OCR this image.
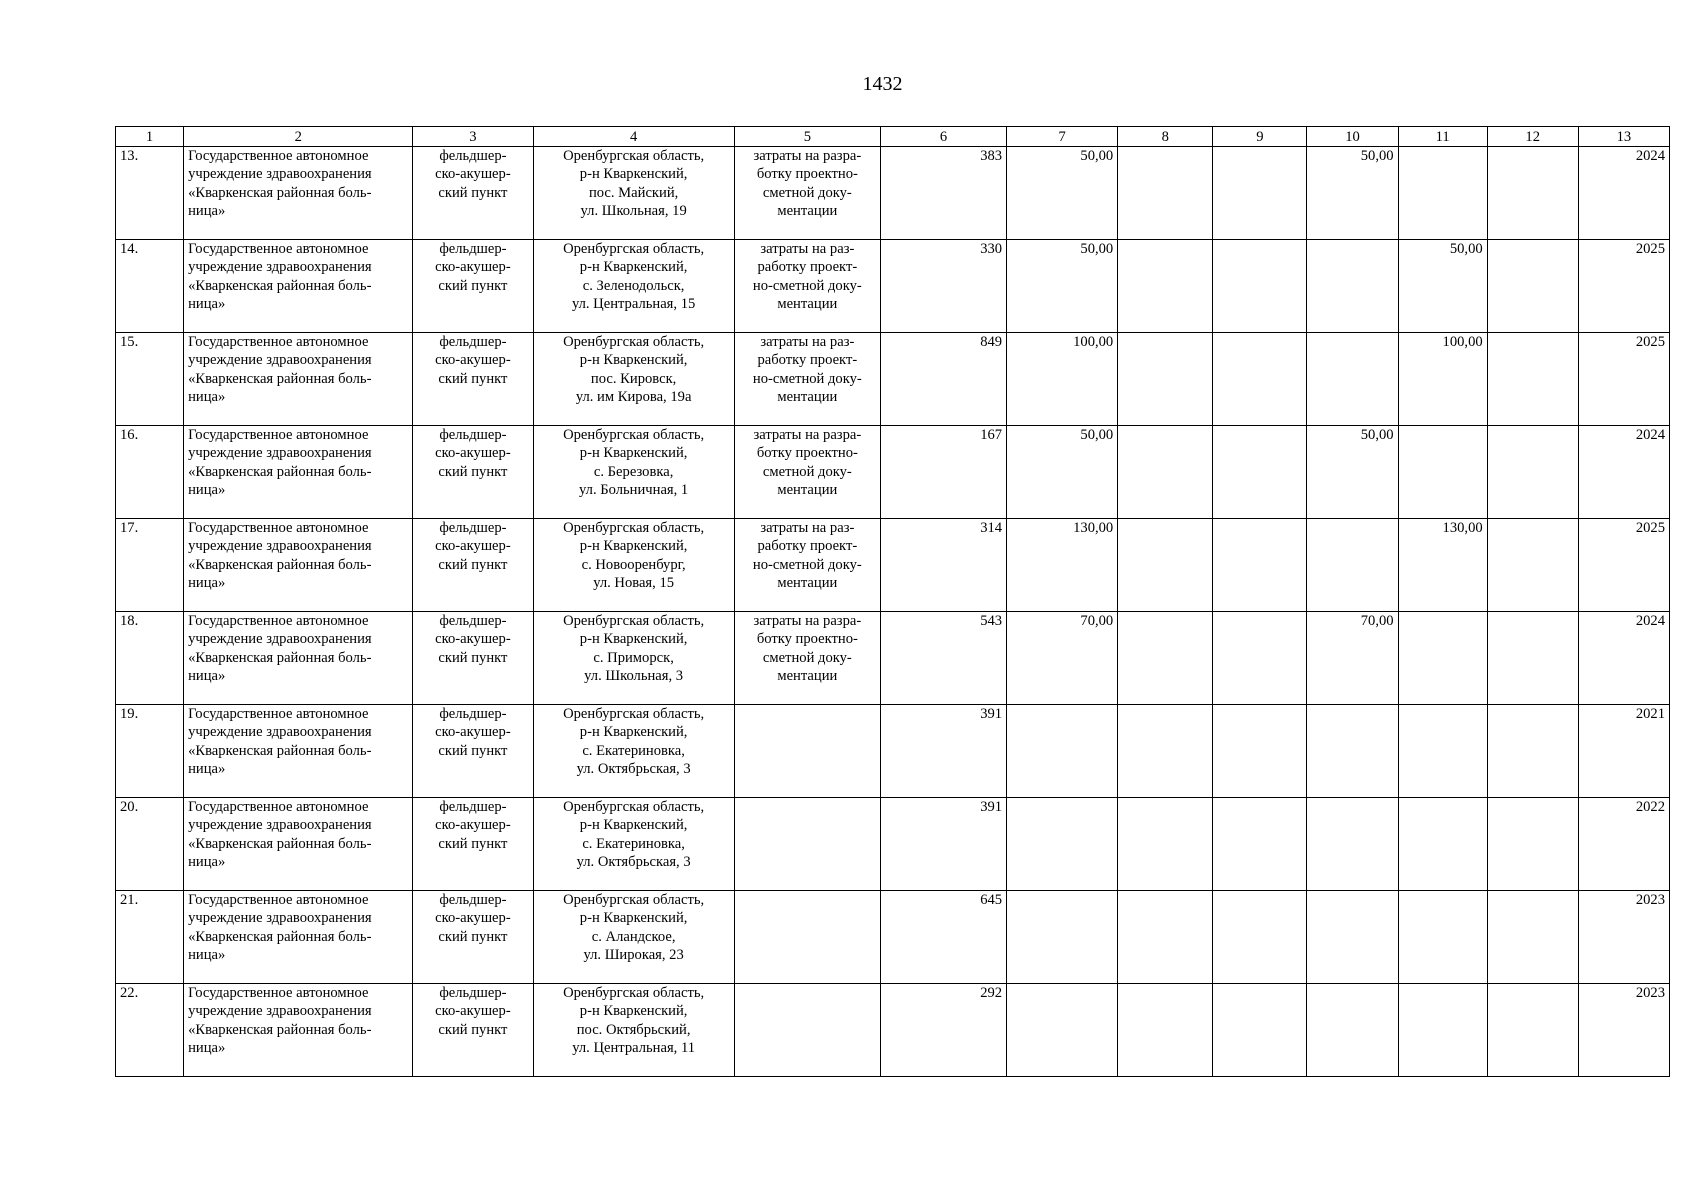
1432
1	2	3	4	5	6	7	8	9	10	11	12	13
13.	Государственное автономное
учреждение здравоохранения
«Кваркенская районная боль-
ница»	фельдшер-
ско-акушер-
ский пункт	Оренбургская область,
р-н Кваркенский,
пос. Майский,
ул. Школьная, 19	затраты на разра-
ботку проектно-
сметной доку-
ментации	383	50,00			50,00			2024
14.	Государственное автономное
учреждение здравоохранения
«Кваркенская районная боль-
ница»	фельдшер-
ско-акушер-
ский пункт	Оренбургская область,
р-н Кваркенский,
с. Зеленодольск,
ул. Центральная, 15	затраты на раз-
работку проект-
но-сметной доку-
ментации	330	50,00				50,00		2025
15.	Государственное автономное
учреждение здравоохранения
«Кваркенская районная боль-
ница»	фельдшер-
ско-акушер-
ский пункт	Оренбургская область,
р-н Кваркенский,
пос. Кировск,
ул. им Кирова, 19а	затраты на раз-
работку проект-
но-сметной доку-
ментации	849	100,00				100,00		2025
16.	Государственное автономное
учреждение здравоохранения
«Кваркенская районная боль-
ница»	фельдшер-
ско-акушер-
ский пункт	Оренбургская область,
р-н Кваркенский,
с. Березовка,
ул. Больничная, 1	затраты на разра-
ботку проектно-
сметной доку-
ментации	167	50,00			50,00			2024
17.	Государственное автономное
учреждение здравоохранения
«Кваркенская районная боль-
ница»	фельдшер-
ско-акушер-
ский пункт	Оренбургская область,
р-н Кваркенский,
с. Новооренбург,
ул. Новая, 15	затраты на раз-
работку проект-
но-сметной доку-
ментации	314	130,00				130,00		2025
18.	Государственное автономное
учреждение здравоохранения
«Кваркенская районная боль-
ница»	фельдшер-
ско-акушер-
ский пункт	Оренбургская область,
р-н Кваркенский,
с. Приморск,
ул. Школьная, 3	затраты на разра-
ботку проектно-
сметной доку-
ментации	543	70,00			70,00			2024
19.	Государственное автономное
учреждение здравоохранения
«Кваркенская районная боль-
ница»	фельдшер-
ско-акушер-
ский пункт	Оренбургская область,
р-н Кваркенский,
с. Екатериновка,
ул. Октябрьская, 3		391							2021
20.	Государственное автономное
учреждение здравоохранения
«Кваркенская районная боль-
ница»	фельдшер-
ско-акушер-
ский пункт	Оренбургская область,
р-н Кваркенский,
с. Екатериновка,
ул. Октябрьская, 3		391							2022
21.	Государственное автономное
учреждение здравоохранения
«Кваркенская районная боль-
ница»	фельдшер-
ско-акушер-
ский пункт	Оренбургская область,
р-н Кваркенский,
с. Аландское,
ул. Широкая, 23		645							2023
22.	Государственное автономное
учреждение здравоохранения
«Кваркенская районная боль-
ница»	фельдшер-
ско-акушер-
ский пункт	Оренбургская область,
р-н Кваркенский,
пос. Октябрьский,
ул. Центральная, 11		292							2023
